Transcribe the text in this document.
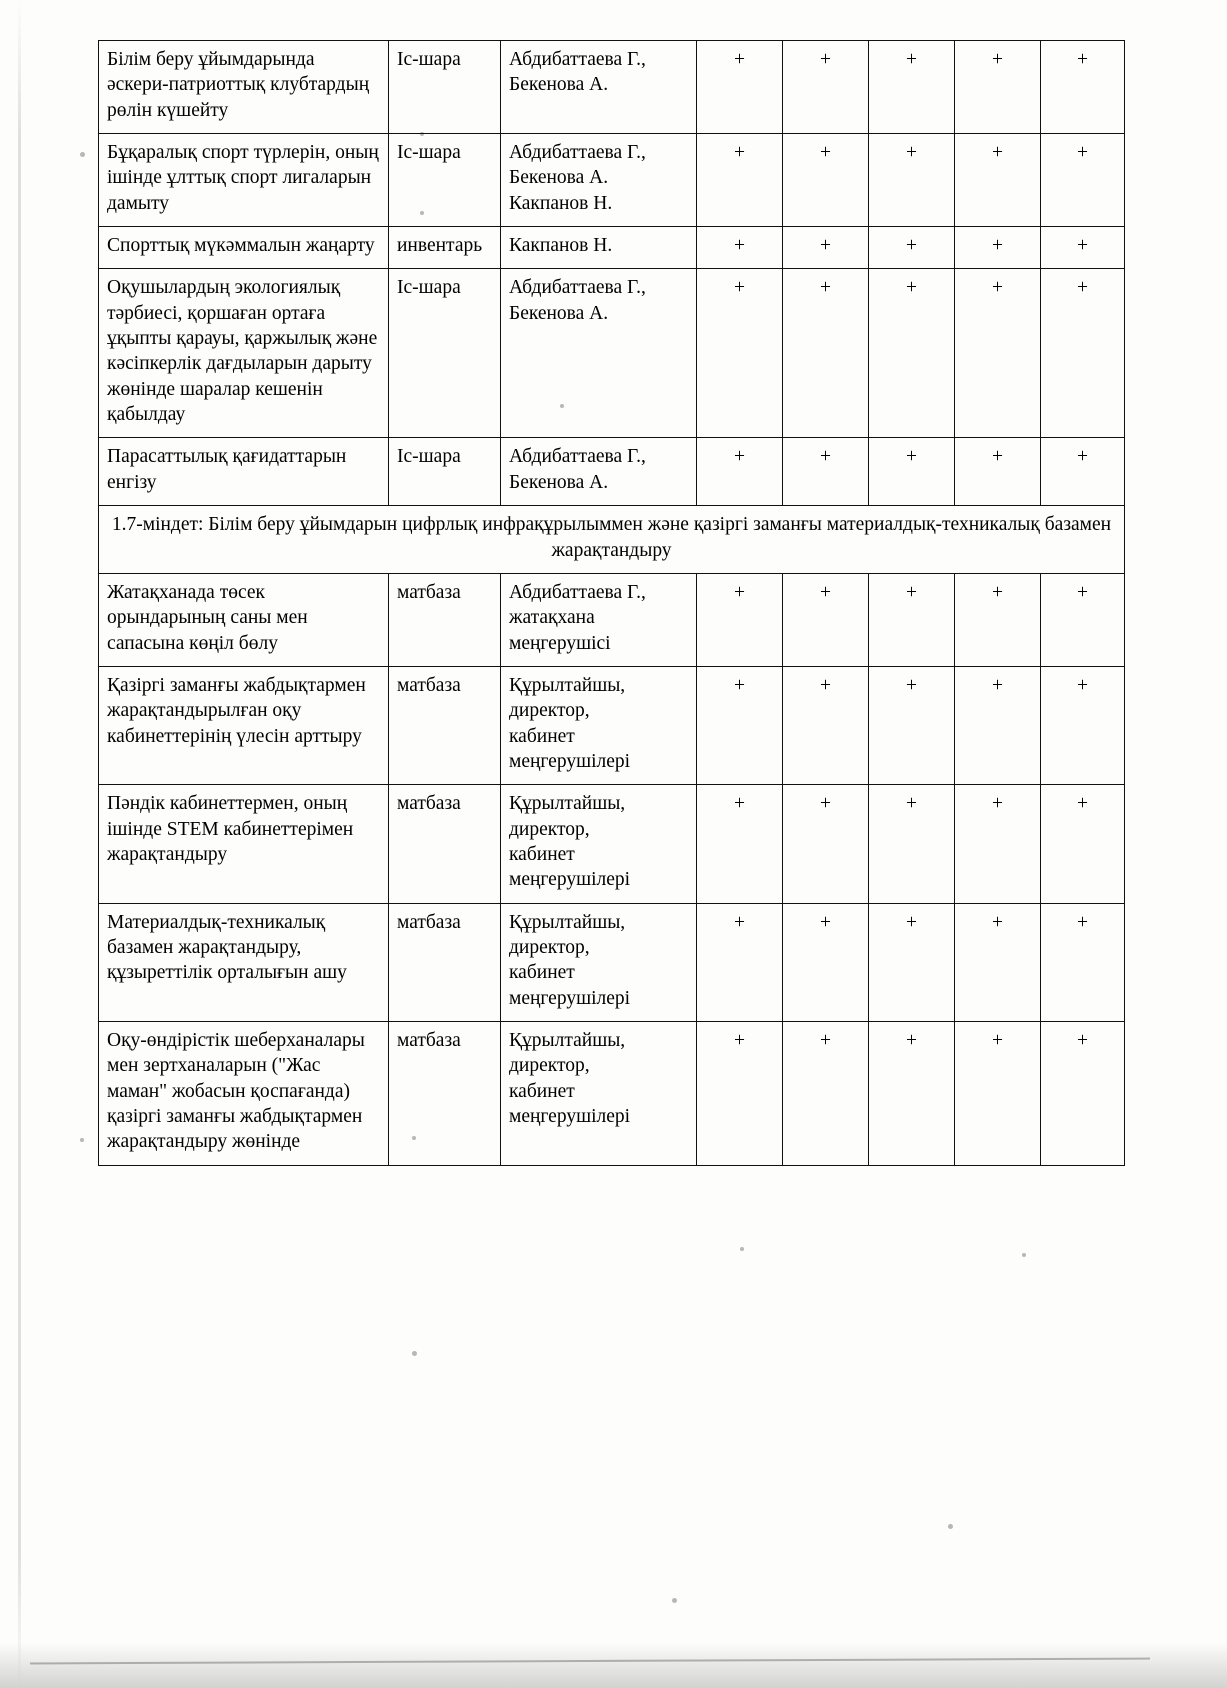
Білім беру ұйымдарында әскери-патриоттық клубтардың рөлін күшейту	Іс-шара	Абдибаттаева Г.,
Бекенова А.	+	+	+	+	+
Бұқаралық спорт түрлерін, оның ішінде ұлттық спорт лигаларын дамыту	Іс-шара	Абдибаттаева Г.,
Бекенова А.
Какпанов Н.	+	+	+	+	+
Спорттық мүкәммалын жаңарту	инвентарь	Какпанов Н.	+	+	+	+	+
Оқушылардың экологиялық тәрбиесі, қоршаған ортаға ұқыпты қарауы, қаржылық және кәсіпкерлік дағдыларын дарыту жөнінде шаралар кешенін қабылдау	Іс-шара	Абдибаттаева Г.,
Бекенова А.	+	+	+	+	+
Парасаттылық қағидаттарын енгізу	Іс-шара	Абдибаттаева Г.,
Бекенова А.	+	+	+	+	+
1.7-міндет: Білім беру ұйымдарын цифрлық инфрақұрылыммен және қазіргі заманғы материалдық-техникалық базамен жарақтандыру							
Жатақханада төсек орындарының саны мен сапасына көңіл бөлу	матбаза	Абдибаттаева Г.,
жатақхана
меңгерушісі	+	+	+	+	+
Қазіргі заманғы жабдықтармен жарақтандырылған оқу кабинеттерінің үлесін арттыру	матбаза	Құрылтайшы,
директор,
кабинет
меңгерушілері	+	+	+	+	+
Пәндік кабинеттермен, оның ішінде STEM кабинеттерімен жарақтандыру	матбаза	Құрылтайшы,
директор,
кабинет
меңгерушілері	+	+	+	+	+
Материалдық-техникалық базамен жарақтандыру, құзыреттілік орталығын ашу	матбаза	Құрылтайшы,
директор,
кабинет
меңгерушілері	+	+	+	+	+
Оқу-өндірістік шеберханалары мен зертханаларын ("Жас маман" жобасын қоспағанда) қазіргі заманғы жабдықтармен жарақтандыру жөнінде	матбаза	Құрылтайшы,
директор,
кабинет
меңгерушілері	+	+	+	+	+
